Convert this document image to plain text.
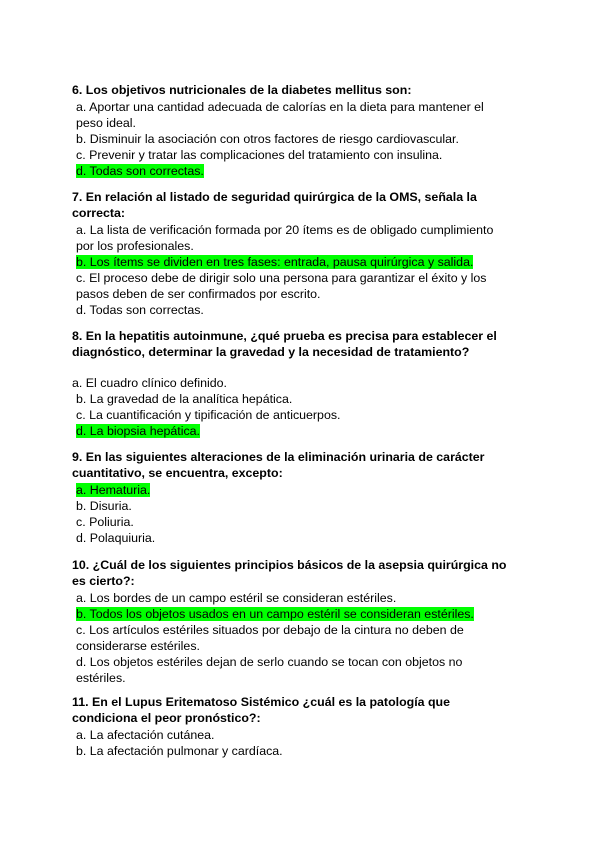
6. Los objetivos nutricionales de la diabetes mellitus son:

a. Aportar una cantidad adecuada de calorías en la dieta para mantener el peso ideal.

b. Disminuir la asociación con otros factores de riesgo cardiovascular.

c. Prevenir y tratar las complicaciones del tratamiento con insulina.

d. Todas son correctas.

7. En relación al listado de seguridad quirúrgica de la OMS, señala la correcta:

a. La lista de verificación formada por 20 ítems es de obligado cumplimiento por los profesionales.

b. Los ítems se dividen en tres fases: entrada, pausa quirúrgica y salida.

c. El proceso debe de dirigir solo una persona para garantizar el éxito y los pasos deben de ser confirmados por escrito.

d. Todas son correctas.

8. En la hepatitis autoinmune, ¿qué prueba es precisa para establecer el diagnóstico, determinar la gravedad y la necesidad de tratamiento?

a. El cuadro clínico definido.

b. La gravedad de la analítica hepática.

c. La cuantificación y tipificación de anticuerpos.

d. La biopsia hepática.

9. En las siguientes alteraciones de la eliminación urinaria de carácter cuantitativo, se encuentra, excepto:

a. Hematuria.

b. Disuria.

c. Poliuria.

d. Polaquiuria.

10. ¿Cuál de los siguientes principios básicos de la asepsia quirúrgica no es cierto?:

a. Los bordes de un campo estéril se consideran estériles.

b. Todos los objetos usados en un campo estéril se consideran estériles.

c. Los artículos estériles situados por debajo de la cintura no deben de considerarse estériles.

d. Los objetos estériles dejan de serlo cuando se tocan con objetos no estériles.

11. En el Lupus Eritematoso Sistémico ¿cuál es la patología que condiciona el peor pronóstico?:

a. La afectación cutánea.

b. La afectación pulmonar y cardíaca.
